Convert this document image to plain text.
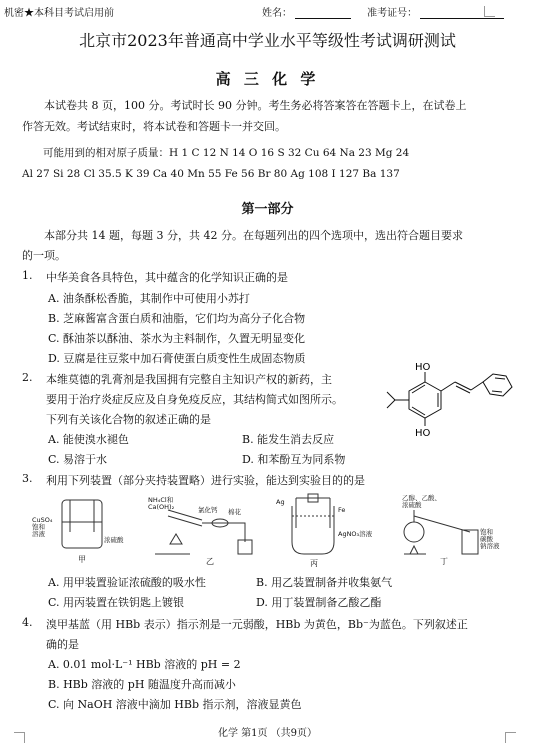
机密★本科目考试启用前	姓名：	准考证号：
北京市2023年普通高中学业水平等级性考试调研测试
高 三 化 学
本试卷共 8 页，100 分。考试时长 90 分钟。考生务必将答案答在答题卡上，在试卷上
作答无效。考试结束时，将本试卷和答题卡一并交回。
可能用到的相对原子质量：H 1 C 12 N 14 O 16 S 32 Cu 64 Na 23 Mg 24
Al 27 Si 28 Cl 35.5 K 39 Ca 40 Mn 55 Fe 56 Br 80 Ag 108 I 127 Ba 137
第一部分
本部分共 14 题，每题 3 分，共 42 分。在每题列出的四个选项中，选出符合题目要求
的一项。
1. 中华美食各具特色，其中蕴含的化学知识正确的是
A. 油条酥松香脆，其制作中可使用小苏打
B. 芝麻酱富含蛋白质和油脂，它们均为高分子化合物
C. 酥油茶以酥油、茶水为主料制作，久置无明显变化
D. 豆腐是往豆浆中加石膏使蛋白质变性生成固态物质
2. 本维莫德的乳膏剂是我国拥有完整自主知识产权的新药，主
要用于治疗炎症反应及自身免疫反应，其结构简式如图所示。
下列有关该化合物的叙述正确的是
A. 能使溴水褪色	B. 能发生消去反应
C. 易溶于水	D. 和苯酚互为同系物
HO
HO
3. 利用下列装置（部分夹持装置略）进行实验，能达到实验目的的是
CuSO₄ 饱和溶液
浓硫酸
甲
NH₄Cl和 Ca(OH)₂	氯化钙 棉花
乙
Ag
Fe
AgNO₃溶液
丙
乙醇、乙酸、浓硫酸
饱和碳酸钠溶液
丁
A. 用甲装置验证浓硫酸的吸水性	B. 用乙装置制备并收集氨气
C. 用丙装置在铁钥匙上镀银	D. 用丁装置制备乙酸乙酯
4. 溴甲基蓝（用 HBb 表示）指示剂是一元弱酸，HBb 为黄色，Bb⁻为蓝色。下列叙述正
确的是
A. 0.01 mol·L⁻¹ HBb 溶液的 pH = 2
B. HBb 溶液的 pH 随温度升高而减小
C. 向 NaOH 溶液中滴加 HBb 指示剂，溶液显黄色
化学 第1页 （共9页）
